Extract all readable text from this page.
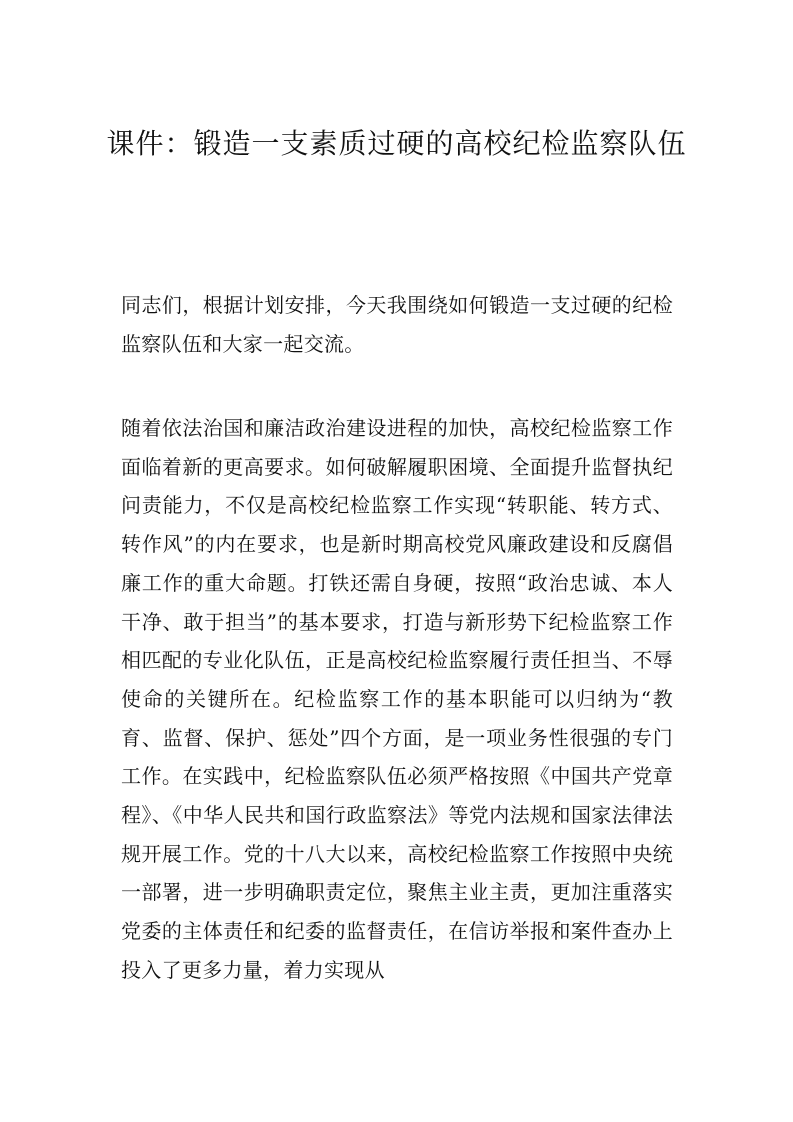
课件：锻造一支素质过硬的高校纪检监察队伍

同志们，根据计划安排，今天我围绕如何锻造一支过硬的纪检监察队伍和大家一起交流。

随着依法治国和廉洁政治建设进程的加快，高校纪检监察工作面临着新的更高要求。如何破解履职困境、全面提升监督执纪问责能力，不仅是高校纪检监察工作实现“转职能、转方式、转作风”的内在要求，也是新时期高校党风廉政建设和反腐倡廉工作的重大命题。打铁还需自身硬，按照“政治忠诚、本人干净、敢于担当”的基本要求，打造与新形势下纪检监察工作相匹配的专业化队伍，正是高校纪检监察履行责任担当、不辱使命的关键所在。纪检监察工作的基本职能可以归纳为“教育、监督、保护、惩处”四个方面，是一项业务性很强的专门工作。在实践中，纪检监察队伍必须严格按照《中国共产党章程》、《中华人民共和国行政监察法》等党内法规和国家法律法规开展工作。党的十八大以来，高校纪检监察工作按照中央统一部署，进一步明确职责定位，聚焦主业主责，更加注重落实党委的主体责任和纪委的监督责任，在信访举报和案件查办上投入了更多力量，着力实现从
